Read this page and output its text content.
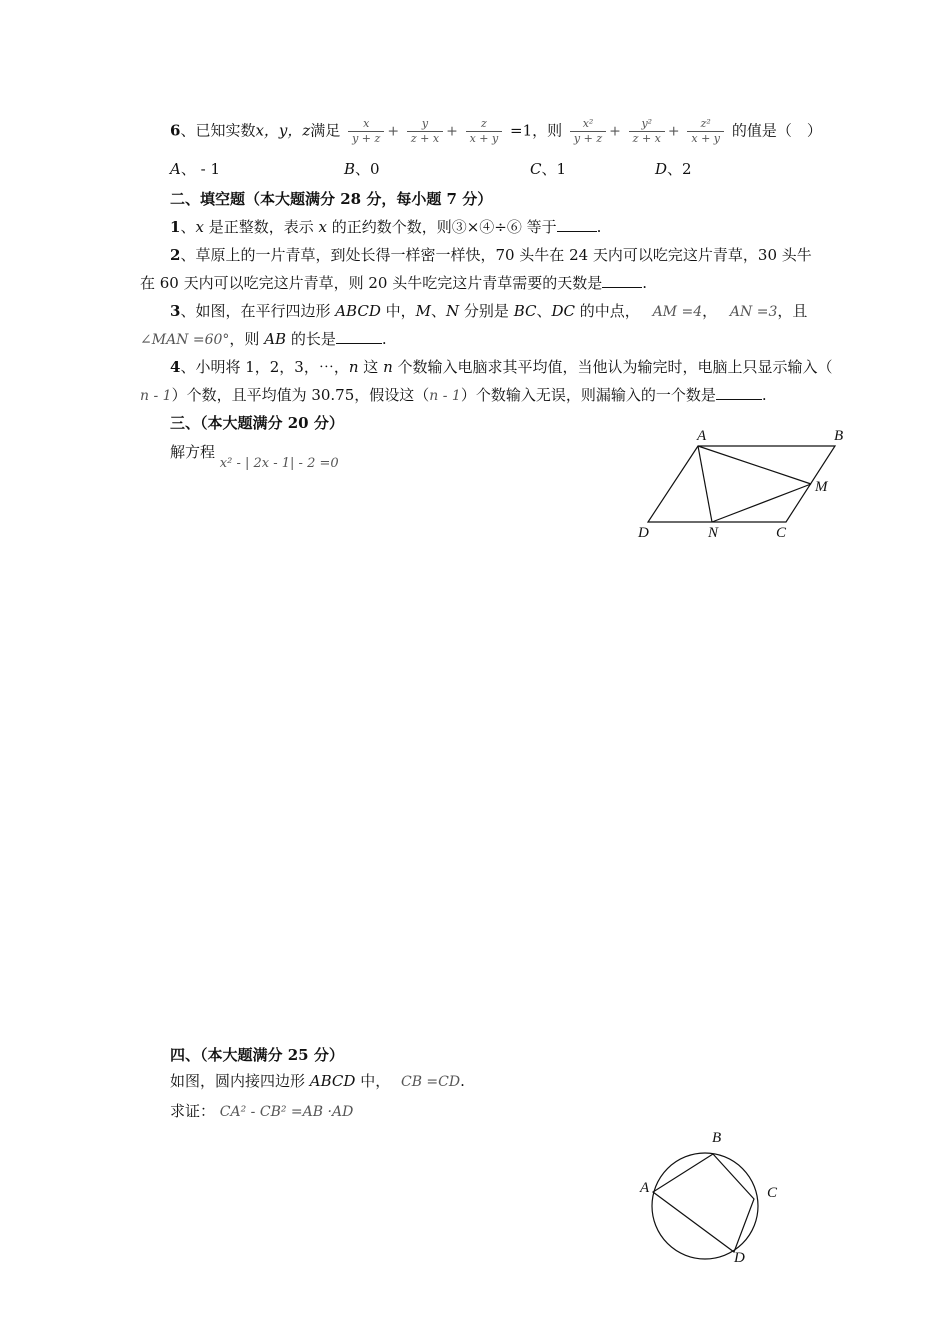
6、已知实数x，y，z满足 $\frac{x}{y + z} + \frac{y}{z + x} + \frac{z}{x + y} =1$，则 $\frac{\text{x²}}{y + z} + \frac{\text{y²}}{z + x} + \frac{\text{z²}}{x + y}$ 的值是（　）
A、 - 1	B、0	C、1	D、2
二、填空题（本大题满分 28 分，每小题 7 分）
1、x 是正整数，表示 x 的正约数个数，则③×④÷⑥ 等于	.
2、草原上的一片青草，到处长得一样密一样快，70 头牛在 24 天内可以吃完这片青草，30 头牛
在 60 天内可以吃完这片青草，则 20 头牛吃完这片青草需要的天数是	.
3、如图，在平行四边形 ABCD 中，M、N 分别是 BC、DC 的中点， AM =4， AN =3，且
∠MAN =60°，则 AB 的长是	.
4、小明将 1，2，3，⋯，n 这 n 个数输入电脑求其平均值，当他认为输完时，电脑上只显示输入（
n - 1）个数，且平均值为 30.75，假设这（n - 1）个数输入无误，则漏输入的一个数是	.
三、（本大题满分 20 分）
解方程 x² - | 2x - 1| - 2 =0
A	B
M
D	N	C
四、（本大题满分 25 分）
如图，圆内接四边形 ABCD 中， CB =CD.
求证： CA² - CB² =AB ·AD
B
A	C
D
